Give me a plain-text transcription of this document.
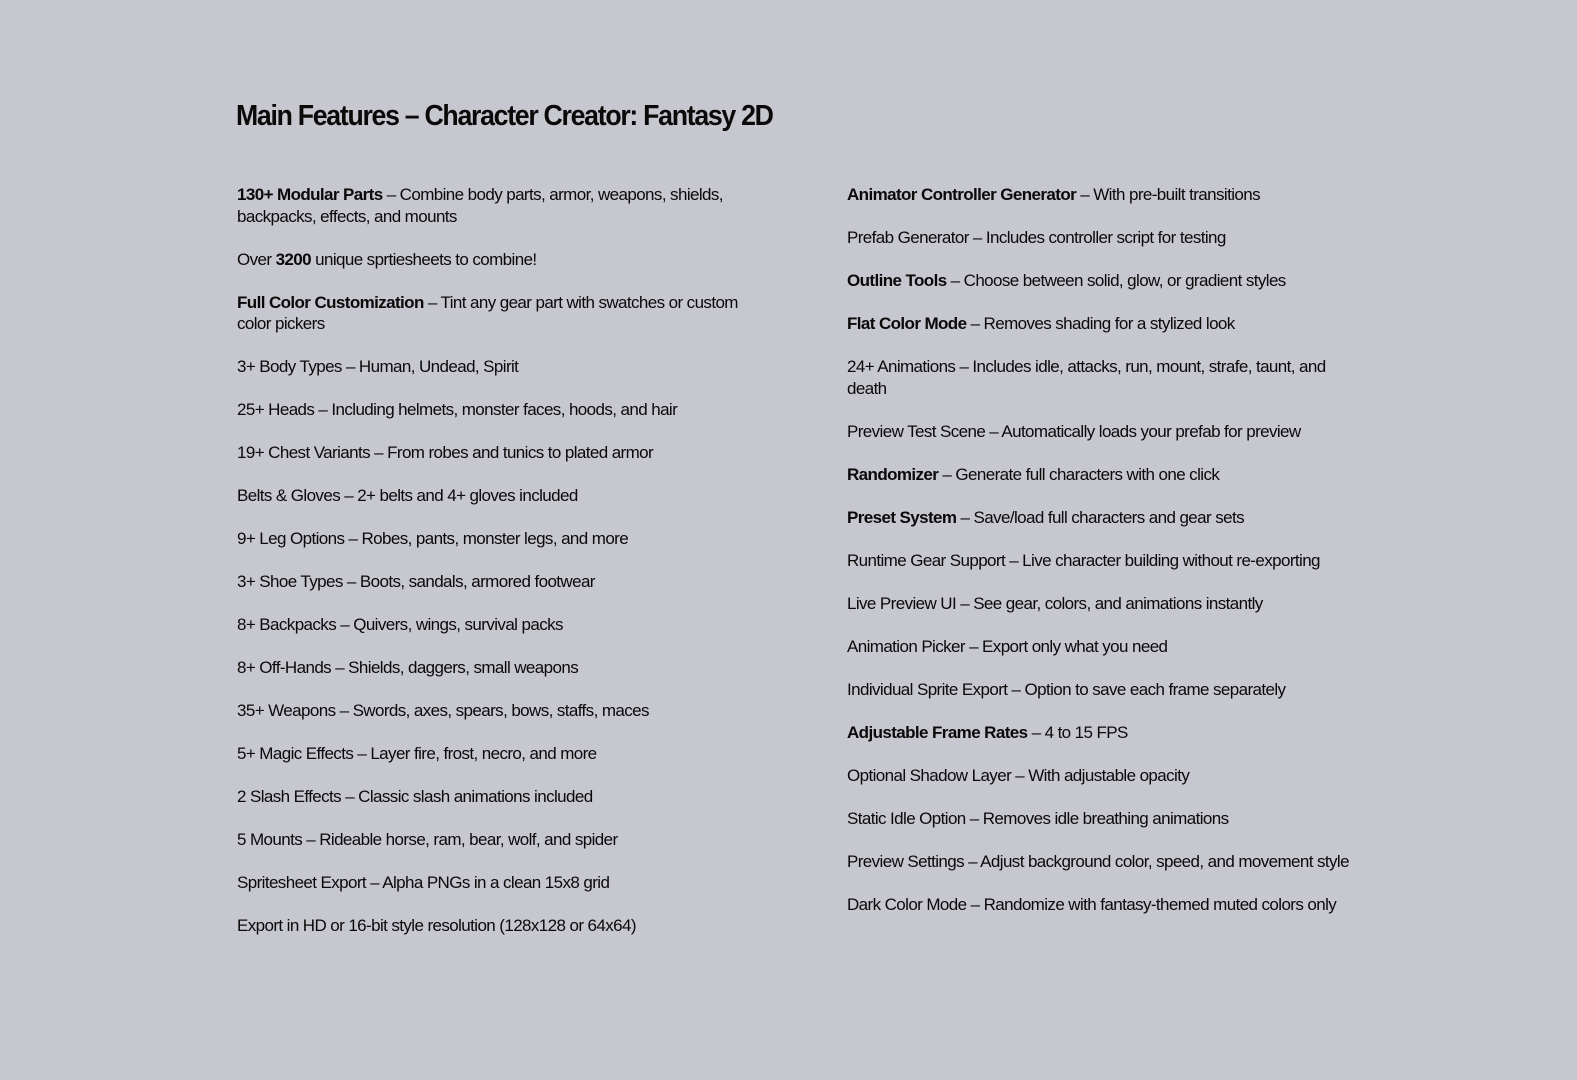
Main Features – Character Creator: Fantasy 2D
130+ Modular Parts – Combine body parts, armor, weapons, shields, backpacks, effects, and mounts
Over 3200 unique sprtiesheets to combine!
Full Color Customization – Tint any gear part with swatches or custom color pickers
3+ Body Types – Human, Undead, Spirit
25+ Heads – Including helmets, monster faces, hoods, and hair
19+ Chest Variants – From robes and tunics to plated armor
Belts & Gloves – 2+ belts and 4+ gloves included
9+ Leg Options – Robes, pants, monster legs, and more
3+ Shoe Types – Boots, sandals, armored footwear
8+ Backpacks – Quivers, wings, survival packs
8+ Off-Hands – Shields, daggers, small weapons
35+ Weapons – Swords, axes, spears, bows, staffs, maces
5+ Magic Effects – Layer fire, frost, necro, and more
2 Slash Effects – Classic slash animations included
5 Mounts – Rideable horse, ram, bear, wolf, and spider
Spritesheet Export – Alpha PNGs in a clean 15x8 grid
Export in HD or 16-bit style resolution (128x128 or 64x64)
Animator Controller Generator – With pre-built transitions
Prefab Generator – Includes controller script for testing
Outline Tools – Choose between solid, glow, or gradient styles
Flat Color Mode – Removes shading for a stylized look
24+ Animations – Includes idle, attacks, run, mount, strafe, taunt, and death
Preview Test Scene – Automatically loads your prefab for preview
Randomizer – Generate full characters with one click
Preset System – Save/load full characters and gear sets
Runtime Gear Support – Live character building without re-exporting
Live Preview UI – See gear, colors, and animations instantly
Animation Picker – Export only what you need
Individual Sprite Export – Option to save each frame separately
Adjustable Frame Rates – 4 to 15 FPS
Optional Shadow Layer – With adjustable opacity
Static Idle Option – Removes idle breathing animations
Preview Settings – Adjust background color, speed, and movement style
Dark Color Mode – Randomize with fantasy-themed muted colors only
